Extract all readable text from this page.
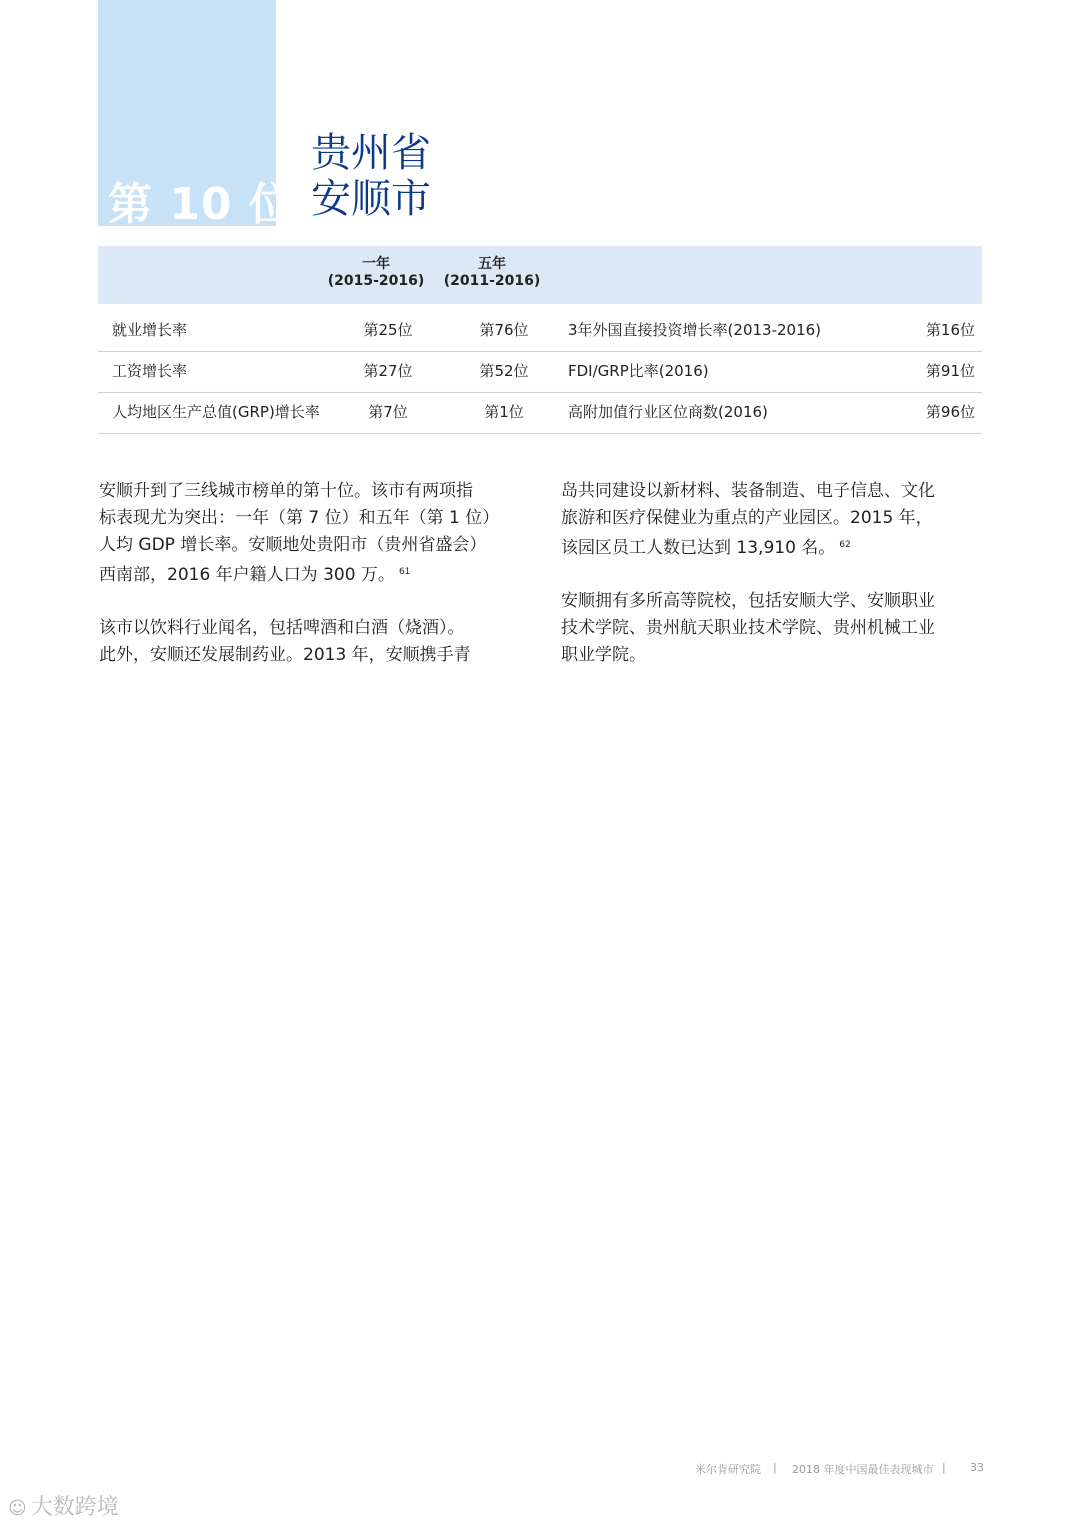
第 10 位
贵州省
安顺市
一年
(2015-2016)
五年
(2011-2016)
就业增长率	第25位	第76位	3年外国直接投资增长率(2013-2016)	第16位
工资增长率	第27位	第52位	FDI/GRP比率(2016)	第91位
人均地区生产总值(GRP)增长率	第7位	第1位	高附加值行业区位商数(2016)	第96位

安顺升到了三线城市榜单的第十位。该市有两项指
标表现尤为突出：一年（第 7 位）和五年（第 1 位）
人均 GDP 增长率。安顺地处贵阳市（贵州省盛会）
西南部，2016 年户籍人口为 300 万。 $^{61}$

该市以饮料行业闻名，包括啤酒和白酒（烧酒）。
此外，安顺还发展制药业。2013 年，安顺携手青

岛共同建设以新材料、装备制造、电子信息、文化
旅游和医疗保健业为重点的产业园区。2015 年，
该园区员工人数已达到 13,910 名。 $^{62}$

安顺拥有多所高等院校，包括安顺大学、安顺职业
技术学院、贵州航天职业技术学院、贵州机械工业
职业学院。

米尔肯研究院 | 2018 年度中国最佳表现城市 | 33
☺ 大数跨境
